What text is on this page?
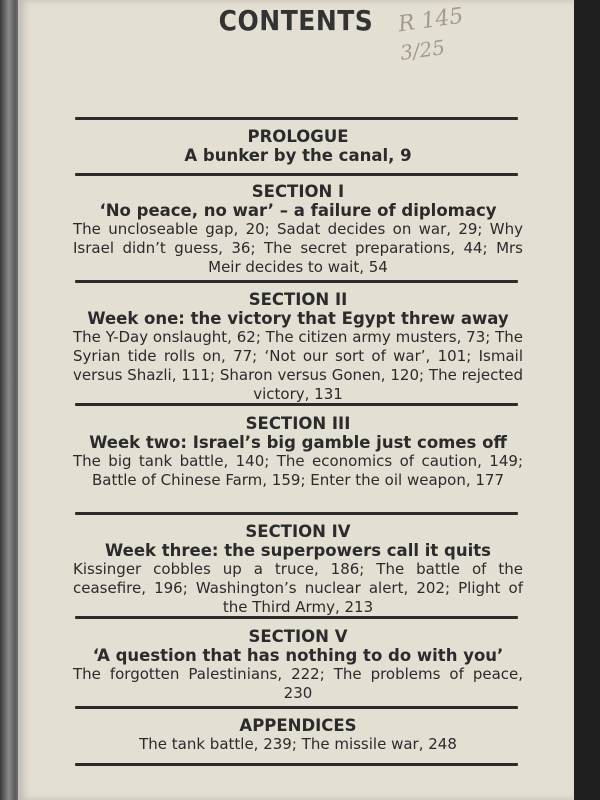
CONTENTS	R 145
3/25
PROLOGUE
A bunker by the canal, 9
SECTION I
‘No peace, no war’ – a failure of diplomacy
The uncloseable gap, 20; Sadat decides on war, 29; Why Israel didn’t guess, 36; The secret preparations, 44; Mrs Meir decides to wait, 54
SECTION II
Week one: the victory that Egypt threw away
The Y-Day onslaught, 62; The citizen army musters, 73; The Syrian tide rolls on, 77; ‘Not our sort of war’, 101; Ismail versus Shazli, 111; Sharon versus Gonen, 120; The rejected victory, 131
SECTION III
Week two: Israel’s big gamble just comes off
The big tank battle, 140; The economics of caution, 149; Battle of Chinese Farm, 159; Enter the oil weapon, 177
SECTION IV
Week three: the superpowers call it quits
Kissinger cobbles up a truce, 186; The battle of the ceasefire, 196; Washington’s nuclear alert, 202; Plight of the Third Army, 213
SECTION V
‘A question that has nothing to do with you’
The forgotten Palestinians, 222; The problems of peace, 230
APPENDICES
The tank battle, 239; The missile war, 248
